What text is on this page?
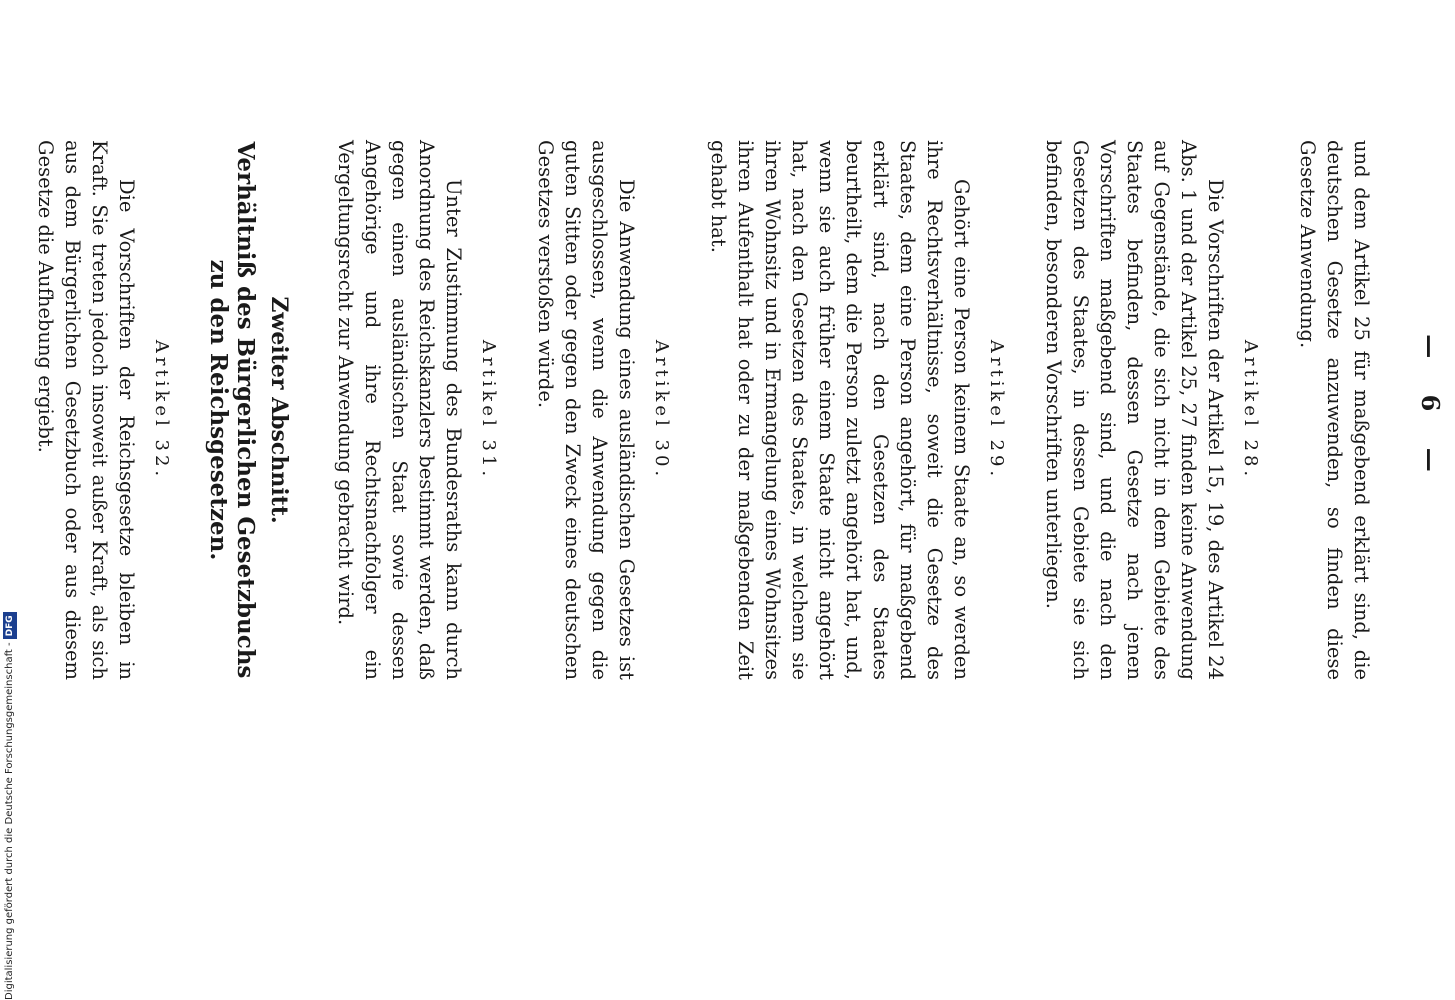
— 6 —

und dem Artikel 25 für maßgebend erklärt sind, die deutschen Gesetze anzuwenden, so finden diese Gesetze Anwendung.

Artikel 28.

Die Vorschriften der Artikel 15, 19, des Artikel 24 Abs. 1 und der Artikel 25, 27 finden keine Anwendung auf Gegenstände, die sich nicht in dem Gebiete des Staates befinden, dessen Gesetze nach jenen Vorschriften maßgebend sind, und die nach den Gesetzen des Staates, in dessen Gebiete sie sich befinden, besonderen Vorschriften unterliegen.

Artikel 29.

Gehört eine Person keinem Staate an, so werden ihre Rechtsverhältnisse, soweit die Gesetze des Staates, dem eine Person angehört, für maßgebend erklärt sind, nach den Gesetzen des Staates beurtheilt, dem die Person zuletzt angehört hat, und, wenn sie auch früher einem Staate nicht angehört hat, nach den Gesetzen des Staates, in welchem sie ihren Wohnsitz und in Ermangelung eines Wohnsitzes ihren Aufenthalt hat oder zu der maßgebenden Zeit gehabt hat.

Artikel 30.

Die Anwendung eines ausländischen Gesetzes ist ausgeschlossen, wenn die Anwendung gegen die guten Sitten oder gegen den Zweck eines deutschen Gesetzes verstoßen würde.

Artikel 31.

Unter Zustimmung des Bundesraths kann durch Anordnung des Reichskanzlers bestimmt werden, daß gegen einen ausländischen Staat sowie dessen Angehörige und ihre Rechtsnachfolger ein Vergeltungsrecht zur Anwendung gebracht wird.

Zweiter Abschnitt.

Verhältniß des Bürgerlichen Gesetzbuchs zu den Reichsgesetzen.

Artikel 32.

Die Vorschriften der Reichsgesetze bleiben in Kraft. Sie treten jedoch insoweit außer Kraft, als sich aus dem Bürgerlichen Gesetzbuch oder aus diesem Gesetze die Aufhebung ergiebt.

Digitalisierung gefördert durch die Deutsche Forschungsgemeinschaft -DFG
